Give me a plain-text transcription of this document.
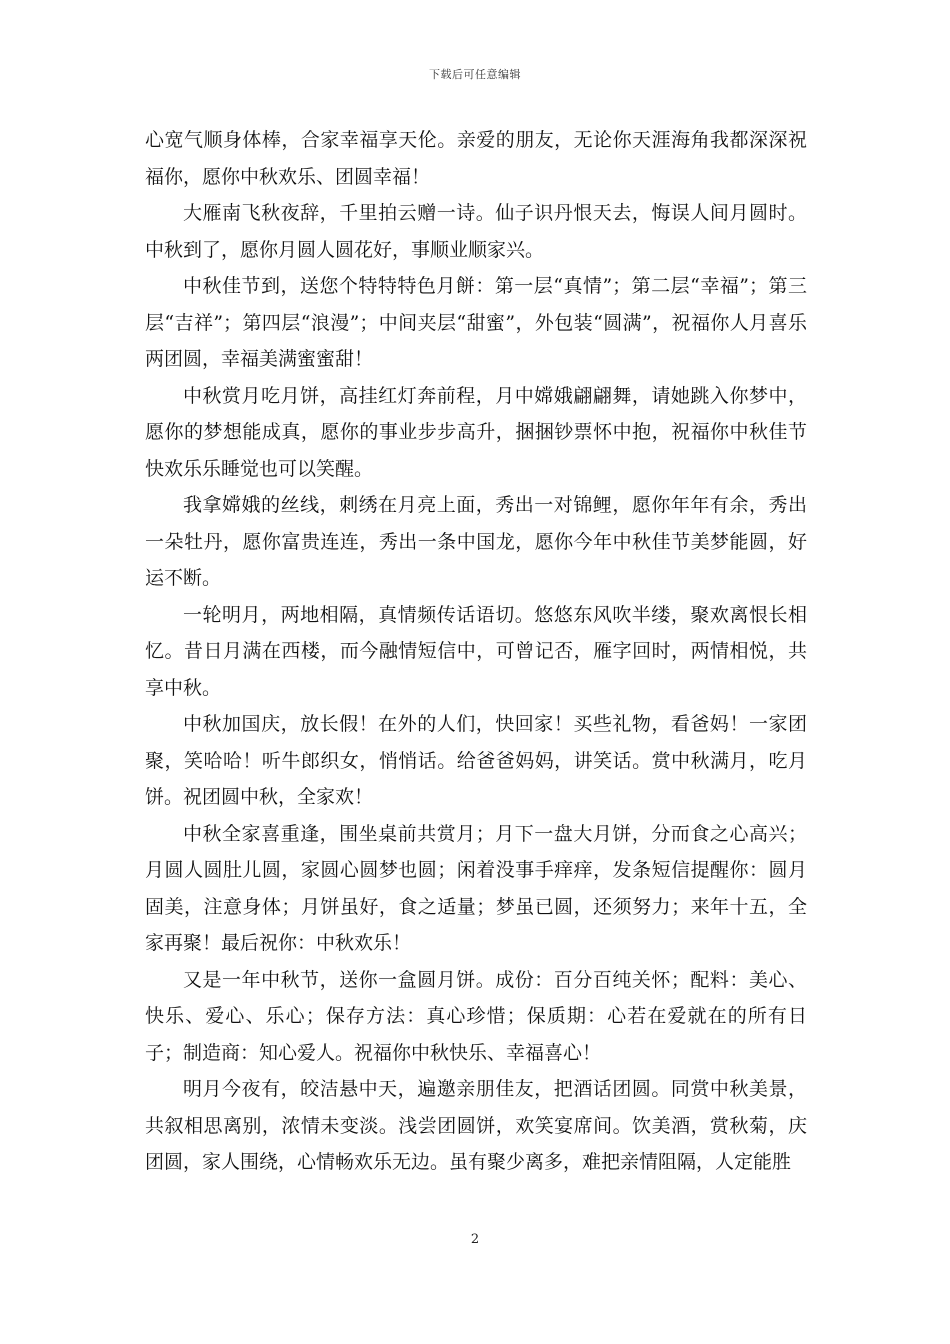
下载后可任意编辑

心宽气顺身体棒，合家幸福享天伦。亲爱的朋友，无论你天涯海角我都深深祝福你，愿你中秋欢乐、团圆幸福！

大雁南飞秋夜辞，千里拍云赠一诗。仙子识丹恨天去，悔误人间月圆时。中秋到了，愿你月圆人圆花好，事顺业顺家兴。

中秋佳节到，送您个特特特色月餅：第一层“真情”；第二层“幸福”；第三层“吉祥”；第四层“浪漫”；中间夹层“甜蜜”，外包装“圆满”，祝福你人月喜乐两团圆，幸福美满蜜蜜甜！

中秋赏月吃月饼，高挂红灯奔前程，月中嫦娥翩翩舞，请她跳入你梦中，愿你的梦想能成真，愿你的事业步步高升，捆捆钞票怀中抱，祝福你中秋佳节快欢乐乐睡觉也可以笑醒。

我拿嫦娥的丝线，刺绣在月亮上面，秀出一对锦鲤，愿你年年有余，秀出一朵牡丹，愿你富贵连连，秀出一条中国龙，愿你今年中秋佳节美梦能圆，好运不断。

一轮明月，两地相隔，真情频传话语切。悠悠东风吹半缕，聚欢离恨长相忆。昔日月满在西楼，而今融情短信中，可曾记否，雁字回时，两情相悦，共享中秋。

中秋加国庆，放长假！在外的人们，快回家！买些礼物，看爸妈！一家团聚，笑哈哈！听牛郎织女，悄悄话。给爸爸妈妈，讲笑话。赏中秋满月，吃月饼。祝团圆中秋，全家欢！

中秋全家喜重逢，围坐桌前共赏月；月下一盘大月饼，分而食之心高兴；月圆人圆肚儿圆，家圆心圆梦也圆；闲着没事手痒痒，发条短信提醒你：圆月固美，注意身体；月饼虽好，食之适量；梦虽已圆，还须努力；来年十五，全家再聚！最后祝你：中秋欢乐！

又是一年中秋节，送你一盒圆月饼。成份：百分百纯关怀；配料：美心、快乐、爱心、乐心；保存方法：真心珍惜；保质期：心若在爱就在的所有日子；制造商：知心爱人。祝福你中秋快乐、幸福喜心！

明月今夜有，皎洁悬中天，遍邀亲朋佳友，把酒话团圆。同赏中秋美景，共叙相思离别，浓情未变淡。浅尝团圆饼，欢笑宴席间。饮美酒，赏秋菊，庆团圆，家人围绕，心情畅欢乐无边。虽有聚少离多，难把亲情阻隔，人定能胜

2
